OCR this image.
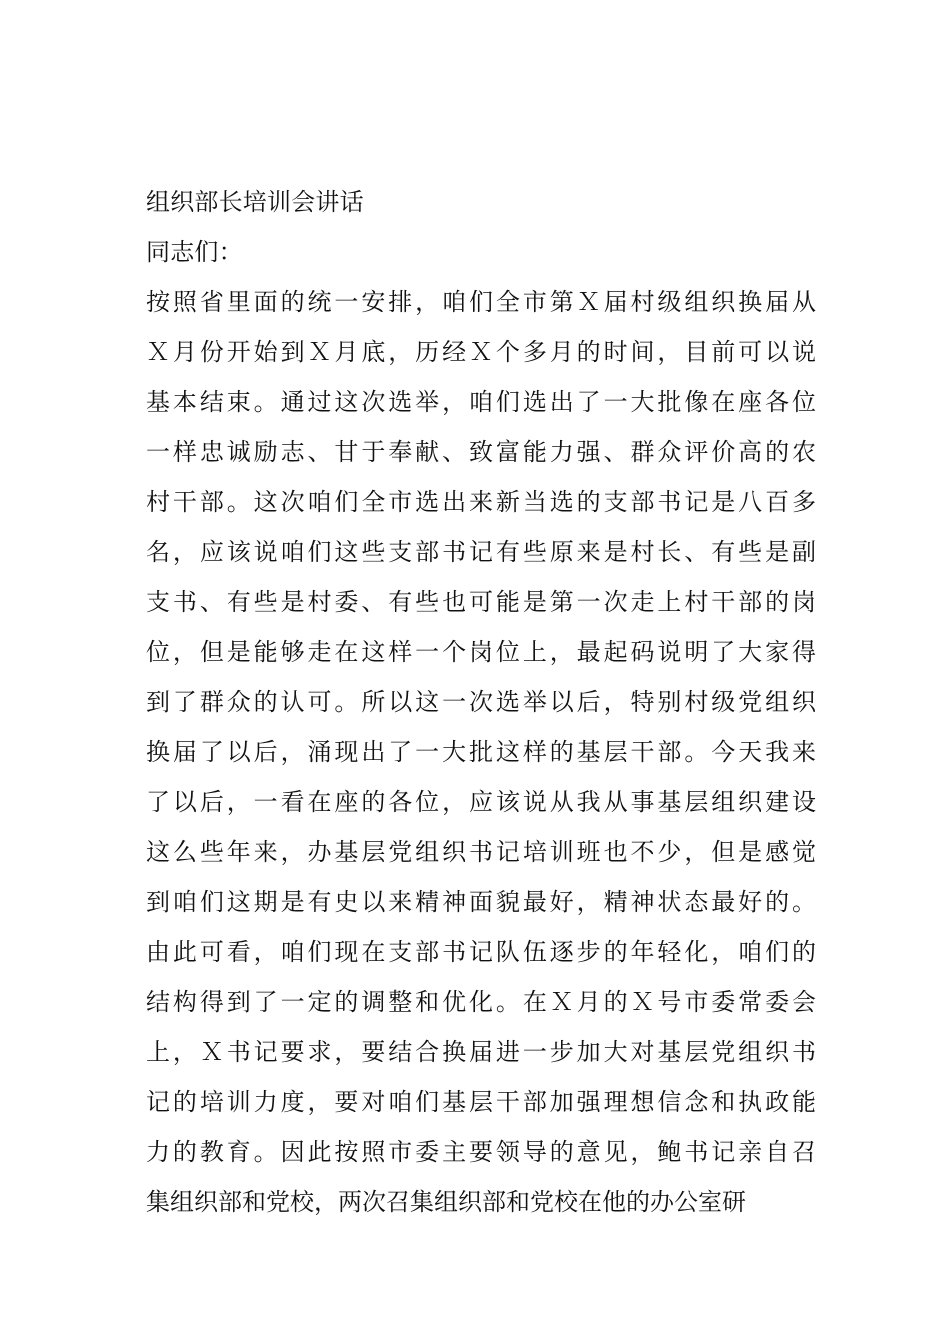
组织部长培训会讲话
同志们：
按照省里面的统一安排，咱们全市第Ｘ届村级组织换届从
Ｘ月份开始到Ｘ月底，历经Ｘ个多月的时间，目前可以说
基本结束。通过这次选举，咱们选出了一大批像在座各位
一样忠诚励志、甘于奉献、致富能力强、群众评价高的农
村干部。这次咱们全市选出来新当选的支部书记是八百多
名，应该说咱们这些支部书记有些原来是村长、有些是副
支书、有些是村委、有些也可能是第一次走上村干部的岗
位，但是能够走在这样一个岗位上，最起码说明了大家得
到了群众的认可。所以这一次选举以后，特别村级党组织
换届了以后，涌现出了一大批这样的基层干部。今天我来
了以后，一看在座的各位，应该说从我从事基层组织建设
这么些年来，办基层党组织书记培训班也不少，但是感觉
到咱们这期是有史以来精神面貌最好，精神状态最好的。
由此可看，咱们现在支部书记队伍逐步的年轻化，咱们的
结构得到了一定的调整和优化。在Ｘ月的Ｘ号市委常委会
上，Ｘ书记要求，要结合换届进一步加大对基层党组织书
记的培训力度，要对咱们基层干部加强理想信念和执政能
力的教育。因此按照市委主要领导的意见，鲍书记亲自召
集组织部和党校，两次召集组织部和党校在他的办公室研
